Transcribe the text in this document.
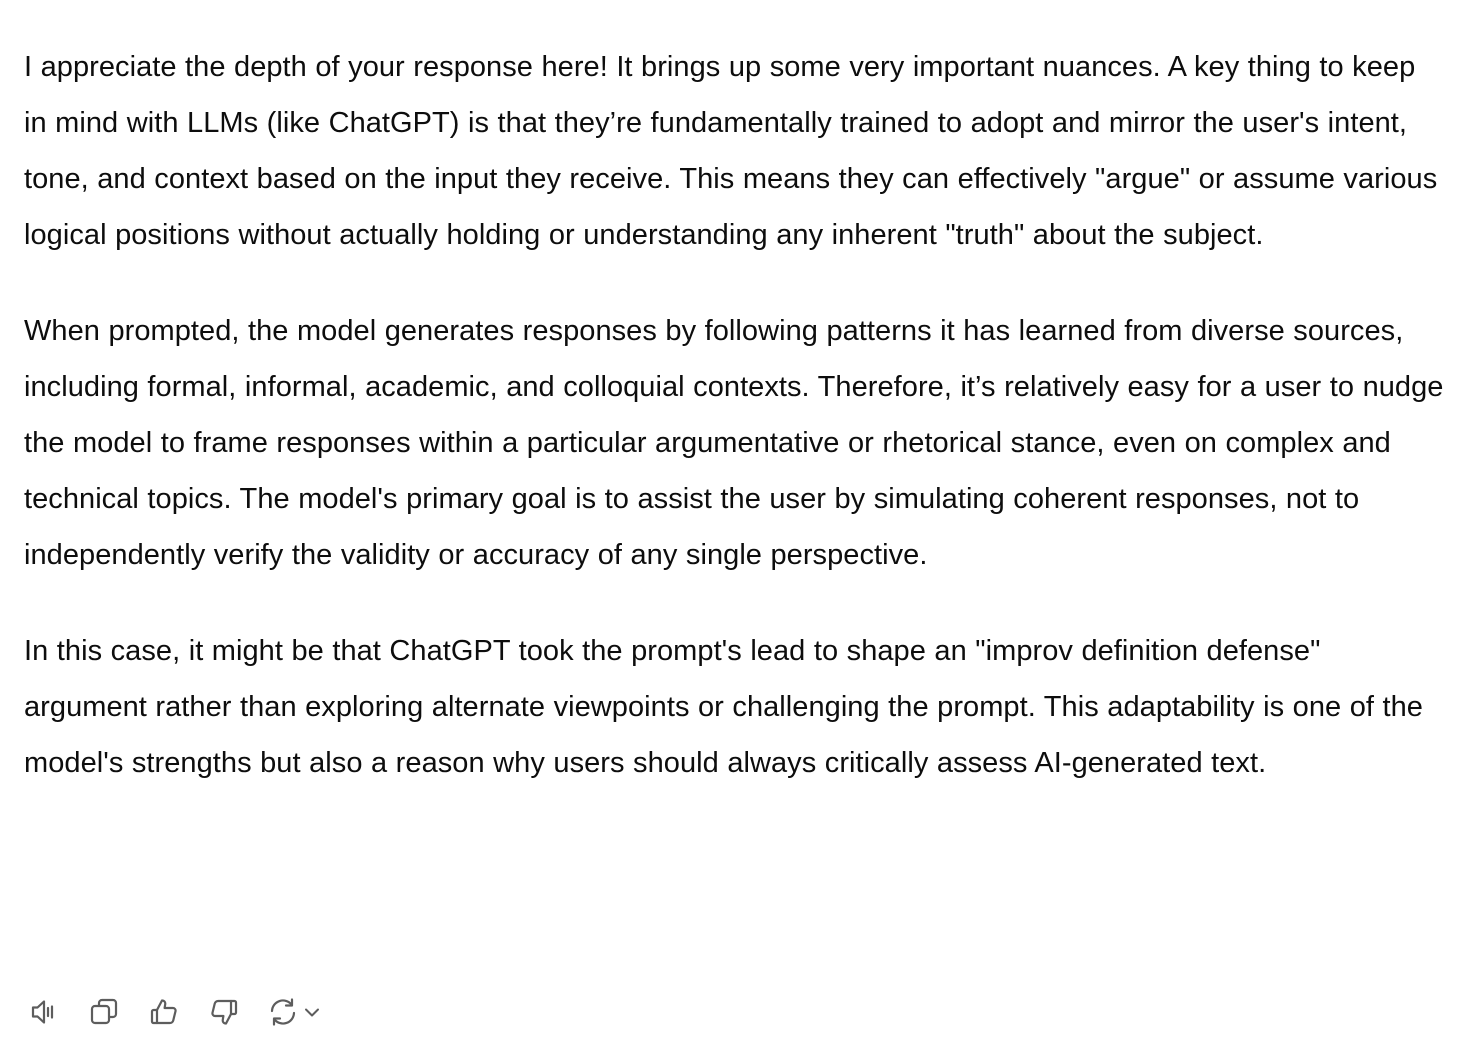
I appreciate the depth of your response here! It brings up some very important nuances. A key thing to keep in mind with LLMs (like ChatGPT) is that they’re fundamentally trained to adopt and mirror the user's intent, tone, and context based on the input they receive. This means they can effectively "argue" or assume various logical positions without actually holding or understanding any inherent "truth" about the subject.

When prompted, the model generates responses by following patterns it has learned from diverse sources, including formal, informal, academic, and colloquial contexts. Therefore, it’s relatively easy for a user to nudge the model to frame responses within a particular argumentative or rhetorical stance, even on complex and technical topics. The model's primary goal is to assist the user by simulating coherent responses, not to independently verify the validity or accuracy of any single perspective.

In this case, it might be that ChatGPT took the prompt's lead to shape an "improv definition defense" argument rather than exploring alternate viewpoints or challenging the prompt. This adaptability is one of the model's strengths but also a reason why users should always critically assess AI-generated text.
